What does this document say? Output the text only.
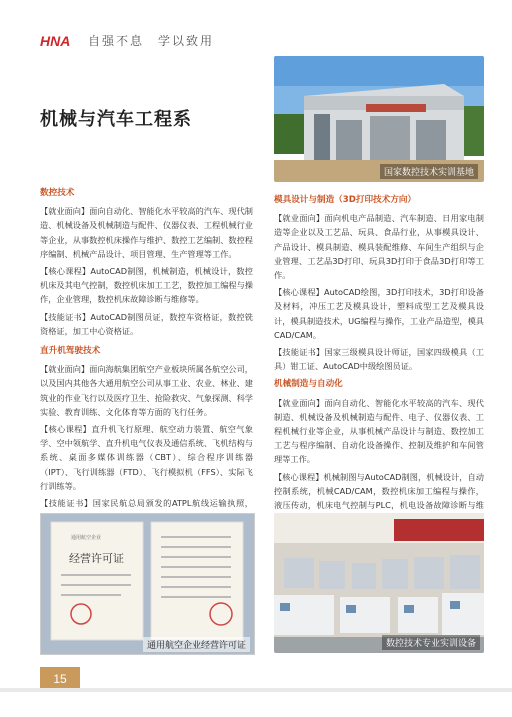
HNA 自强不息　学以致用
机械与汽车工程系
国家数控技术实训基地
数控技术

【就业面向】面向自动化、智能化水平较高的汽车、现代制造、机械设备及机械制造与配件、仪器仪表、工程机械行业等企业，从事数控机床操作与维护、数控工艺编制、数控程序编制、机械产品设计、项目管理、生产管理等工作。

【核心课程】AutoCAD制图，机械制造，机械设计，数控机床及其电气控制，数控机床加工工艺，数控加工编程与操作，企业管理，数控机床故障诊断与维修等。

【技能证书】AutoCAD制图员证，数控车资格证，数控铣资格证，加工中心资格证。

直升机驾驶技术

【就业面向】面向海航集团航空产业板块所属各航空公司，以及国内其他各大通用航空公司从事工业、农业、林业、建筑业的作业飞行以及医疗卫生、抢险救灾、气象探测、科学实验、教育训练、文化体育等方面的飞行任务。

【核心课程】直升机飞行原理、航空动力装置、航空气象学、空中领航学、直升机电气仪表及通信系统、飞机结构与系统、桌面多媒体训练器（CBT）、综合程序训练器（IPT）、飞行训练器（FTD）、飞行模拟机（FFS）、实际飞行训练等。

【技能证书】国家民航总局颁发的ATPL航线运输执照，

模具设计与制造（3D打印技术方向）

【就业面向】面向机电产品制造、汽车制造、日用家电制造等企业以及工艺品、玩具、食品行业，从事模具设计、产品设计、模具制造、模具装配维修、车间生产组织与企业管理、工艺品3D打印、玩具3D打印于食品3D打印等工作。

【核心课程】AutoCAD绘图，3D打印技术，3D打印设备及材料，冲压工艺及模具设计，塑料成型工艺及模具设计，模具制造技术，UG编程与操作，工业产品造型，模具CAD/CAM。

【技能证书】国家三级模具设计师证，国家四级模具（工具）钳工证、AutoCAD中级绘图员证。

机械制造与自动化

【就业面向】面向自动化、智能化水平较高的汽车、现代制造、机械设备及机械制造与配件、电子、仪器仪表、工程机械行业等企业，从事机械产品设计与制造、数控加工工艺与程序编制、自动化设备操作、控制及维护和车间管理等工作。

【核心课程】机械制图与AutoCAD制图，机械设计，自动控制系统，机械CAD/CAM，数控机床加工编程与操作，液压传动，机床电气控制与PLC，机电设备故障诊断与维

通用航空企业
经营许可证
通用航空企业经营许可证	数控技术专业实训设备
15
